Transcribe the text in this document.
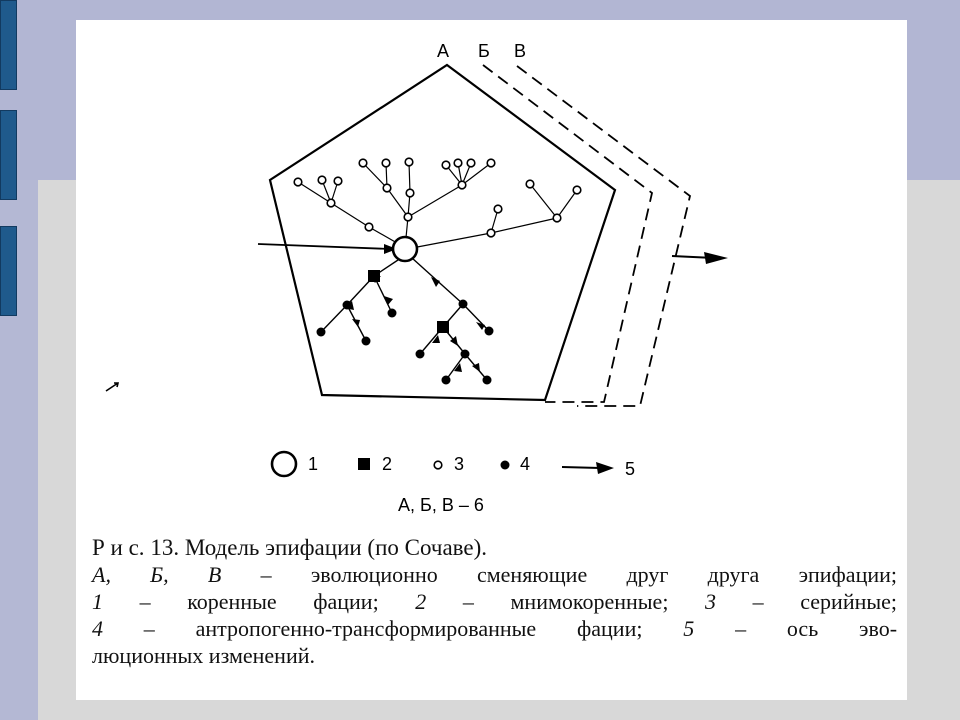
А Б В
1	2	3	4	5
А, Б, В – 6

Р и с. 13. Модель эпифации (по Сочаве).

А, Б, В – эволюционно сменяющие друг друга эпифации;

1 – коренные фации; 2 – мнимокоренные; 3 – серийные;

4 – антропогенно-трансформированные фации; 5 – ось эво-

люционных изменений.
